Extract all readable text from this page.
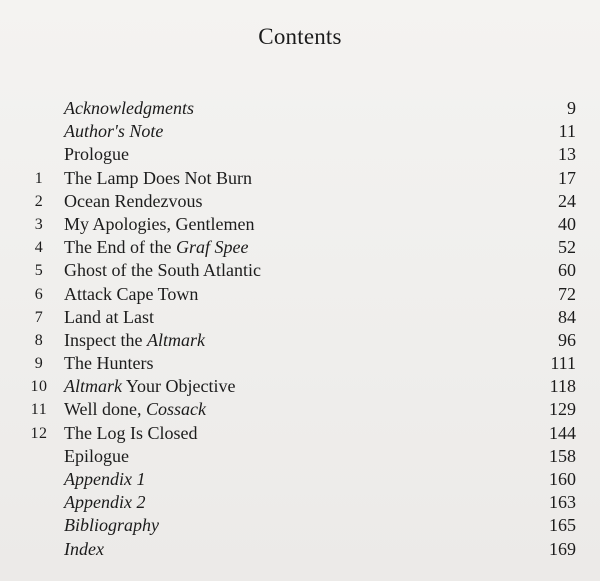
Contents
Acknowledgments	9
Author's Note	11
Prologue	13
1 The Lamp Does Not Burn	17
2 Ocean Rendezvous	24
3 My Apologies, Gentlemen	40
4 The End of the Graf Spee	52
5 Ghost of the South Atlantic	60
6 Attack Cape Town	72
7 Land at Last	84
8 Inspect the Altmark	96
9 The Hunters	111
10 Altmark Your Objective	118
11 Well done, Cossack	129
12 The Log Is Closed	144
Epilogue	158
Appendix 1	160
Appendix 2	163
Bibliography	165
Index	169
